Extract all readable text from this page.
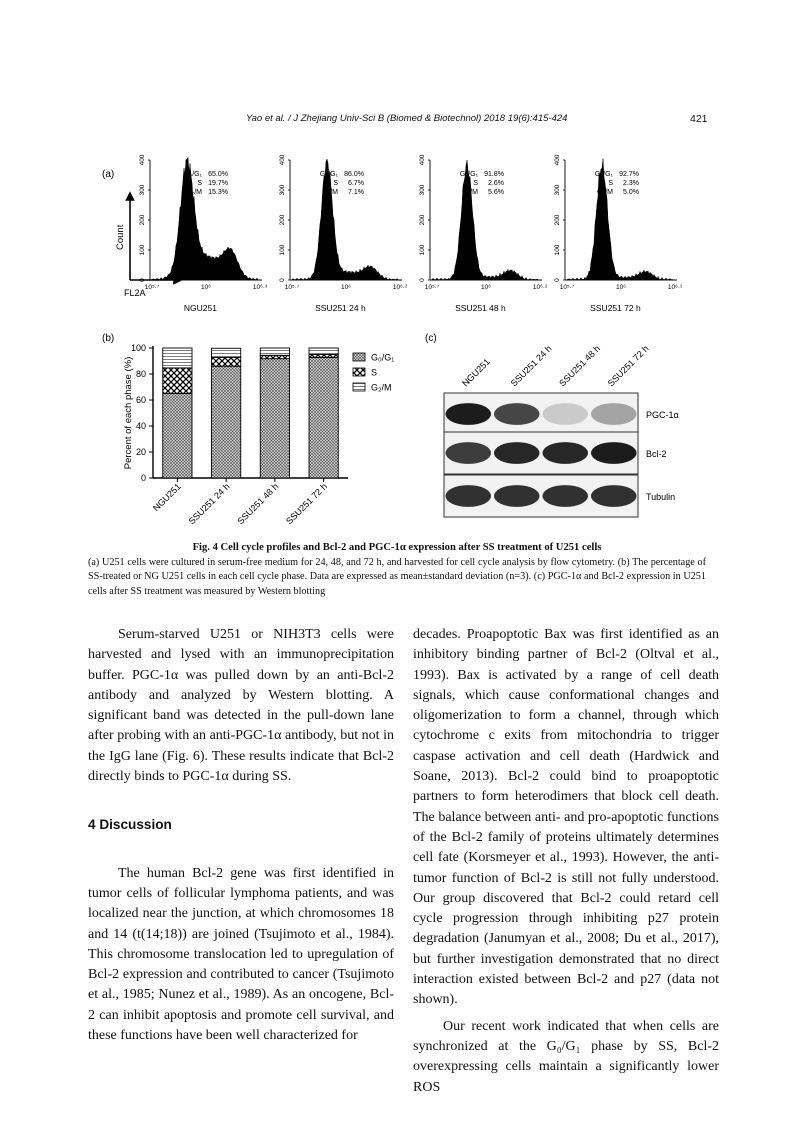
Yao et al. / J Zhejiang Univ-Sci B (Biomed & Biotechnol) 2018 19(6):415-424	421
(a)
Count
FL2A
0
100
200
300
400
10⁵·⁷	10⁶	10⁶·³
G₀/G₁ 65.0%
S 19.7%
G₂/M 15.3%
NGU251
0
100
200
300
400
10⁵·⁷	10⁶	10⁶·²
G₀/G₁ 86.0%
S 6.7%
G₂/M 7.1%
SSU251 24 h
0
100
200
300
400
10⁵·⁷	10⁶	10⁶·²
G₀/G₁ 91.8%
S 2.6%
G₂/M 5.6%
SSU251 48 h
0
100
200
300
400
10⁵·⁷	10⁶	10⁶·¹
G₀/G₁ 92.7%
S 2.3%
G₂/M 5.0%
SSU251 72 h
(b)
Percent of each phase (%)
0
20
40
60
80
100
NGU251 SSU251 24 h SSU251 48 h SSU251 72 h
G₀/G₁
S
G₂/M
(c)
NGU251 SSU251 24 h SSU251 48 h SSU251 72 h
PGC-1α
Bcl-2
Tubulin
Fig. 4 Cell cycle profiles and Bcl-2 and PGC-1α expression after SS treatment of U251 cells
(a) U251 cells were cultured in serum-free medium for 24, 48, and 72 h, and harvested for cell cycle analysis by flow cytometry. (b) The percentage of SS-treated or NG U251 cells in each cell cycle phase. Data are expressed as mean±standard deviation (n=3). (c) PGC-1α and Bcl-2 expression in U251 cells after SS treatment was measured by Western blotting

Serum-starved U251 or NIH3T3 cells were harvested and lysed with an immunoprecipitation buffer. PGC-1α was pulled down by an anti-Bcl-2 antibody and analyzed by Western blotting. A significant band was detected in the pull-down lane after probing with an anti-PGC-1α antibody, but not in the IgG lane (Fig. 6). These results indicate that Bcl-2 directly binds to PGC-1α during SS.

4 Discussion

The human Bcl-2 gene was first identified in tumor cells of follicular lymphoma patients, and was localized near the junction, at which chromosomes 18 and 14 (t(14;18)) are joined (Tsujimoto et al., 1984). This chromosome translocation led to upregulation of Bcl-2 expression and contributed to cancer (Tsujimoto et al., 1985; Nunez et al., 1989). As an oncogene, Bcl-2 can inhibit apoptosis and promote cell survival, and these functions have been well characterized for

decades. Proapoptotic Bax was first identified as an inhibitory binding partner of Bcl-2 (Oltval et al., 1993). Bax is activated by a range of cell death signals, which cause conformational changes and oligomerization to form a channel, through which cytochrome c exits from mitochondria to trigger caspase activation and cell death (Hardwick and Soane, 2013). Bcl-2 could bind to proapoptotic partners to form heterodimers that block cell death. The balance between anti- and pro-apoptotic functions of the Bcl-2 family of proteins ultimately determines cell fate (Korsmeyer et al., 1993). However, the anti-tumor function of Bcl-2 is still not fully understood. Our group discovered that Bcl-2 could retard cell cycle progression through inhibiting p27 protein degradation (Janumyan et al., 2008; Du et al., 2017), but further investigation demonstrated that no direct interaction existed between Bcl-2 and p27 (data not shown).

Our recent work indicated that when cells are synchronized at the G₀/G₁ phase by SS, Bcl-2 overexpressing cells maintain a significantly lower ROS
